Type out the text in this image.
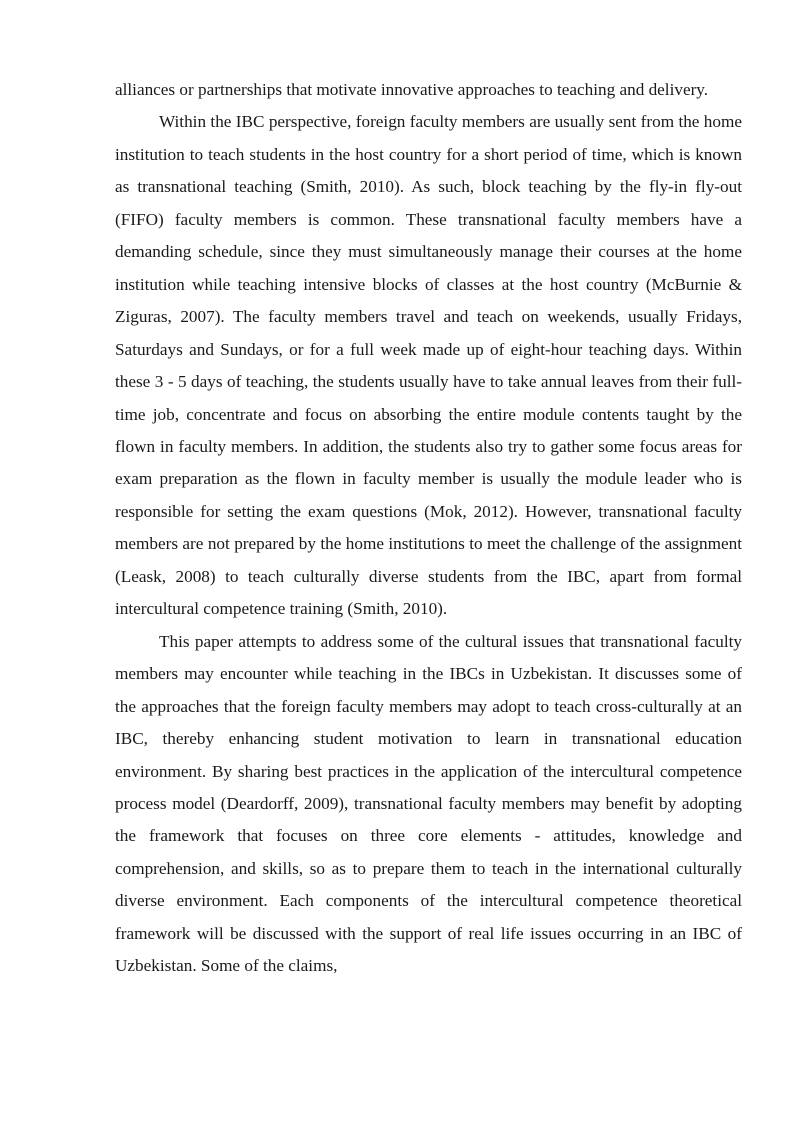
alliances or partnerships that motivate innovative approaches to teaching and delivery.

Within the IBC perspective, foreign faculty members are usually sent from the home institution to teach students in the host country for a short period of time, which is known as transnational teaching (Smith, 2010). As such, block teaching by the fly-in fly-out (FIFO) faculty members is common. These transnational faculty members have a demanding schedule, since they must simultaneously manage their courses at the home institution while teaching intensive blocks of classes at the host country (McBurnie & Ziguras, 2007). The faculty members travel and teach on weekends, usually Fridays, Saturdays and Sundays, or for a full week made up of eight-hour teaching days. Within these 3 - 5 days of teaching, the students usually have to take annual leaves from their full-time job, concentrate and focus on absorbing the entire module contents taught by the flown in faculty members. In addition, the students also try to gather some focus areas for exam preparation as the flown in faculty member is usually the module leader who is responsible for setting the exam questions (Mok, 2012). However, transnational faculty members are not prepared by the home institutions to meet the challenge of the assignment (Leask, 2008) to teach culturally diverse students from the IBC, apart from formal intercultural competence training (Smith, 2010).

This paper attempts to address some of the cultural issues that transnational faculty members may encounter while teaching in the IBCs in Uzbekistan. It discusses some of the approaches that the foreign faculty members may adopt to teach cross-culturally at an IBC, thereby enhancing student motivation to learn in transnational education environment. By sharing best practices in the application of the intercultural competence process model (Deardorff, 2009), transnational faculty members may benefit by adopting the framework that focuses on three core elements - attitudes, knowledge and comprehension, and skills, so as to prepare them to teach in the international culturally diverse environment. Each components of the intercultural competence theoretical framework will be discussed with the support of real life issues occurring in an IBC of Uzbekistan. Some of the claims,
